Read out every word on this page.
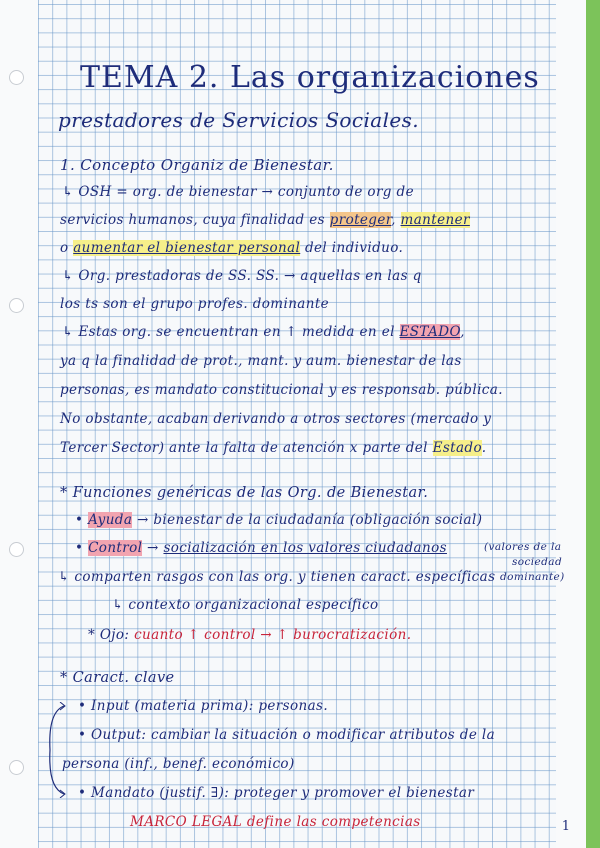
TEMA 2. Las organizaciones
prestadores de Servicios Sociales.
1. Concepto Organiz de Bienestar.
↳ OSH = org. de bienestar → conjunto de org de
servicios humanos, cuya finalidad es proteger, mantener
o aumentar el bienestar personal del individuo.
↳ Org. prestadoras de SS. SS. → aquellas en las q
los ts son el grupo profes. dominante
↳ Estas org. se encuentran en ↑ medida en el ESTADO,
ya q la finalidad de prot., mant. y aum. bienestar de las
personas, es mandato constitucional y es responsab. pública.
No obstante, acaban derivando a otros sectores (mercado y
Tercer Sector) ante la falta de atención x parte del Estado.
* Funciones genéricas de las Org. de Bienestar.
• Ayuda → bienestar de la ciudadanía (obligación social)
• Control → socialización en los valores ciudadanos	(valores de la
sociedad
dominante)
↳ comparten rasgos con las org. y tienen caract. específicas
↳ contexto organizacional específico
* Ojo: cuanto ↑ control → ↑ burocratización.
* Caract. clave
• Input (materia prima): personas.
• Output: cambiar la situación o modificar atributos de la
persona (inf., benef. económico)
• Mandato (justif. ∃): proteger y promover el bienestar
MARCO LEGAL define las competencias	1
